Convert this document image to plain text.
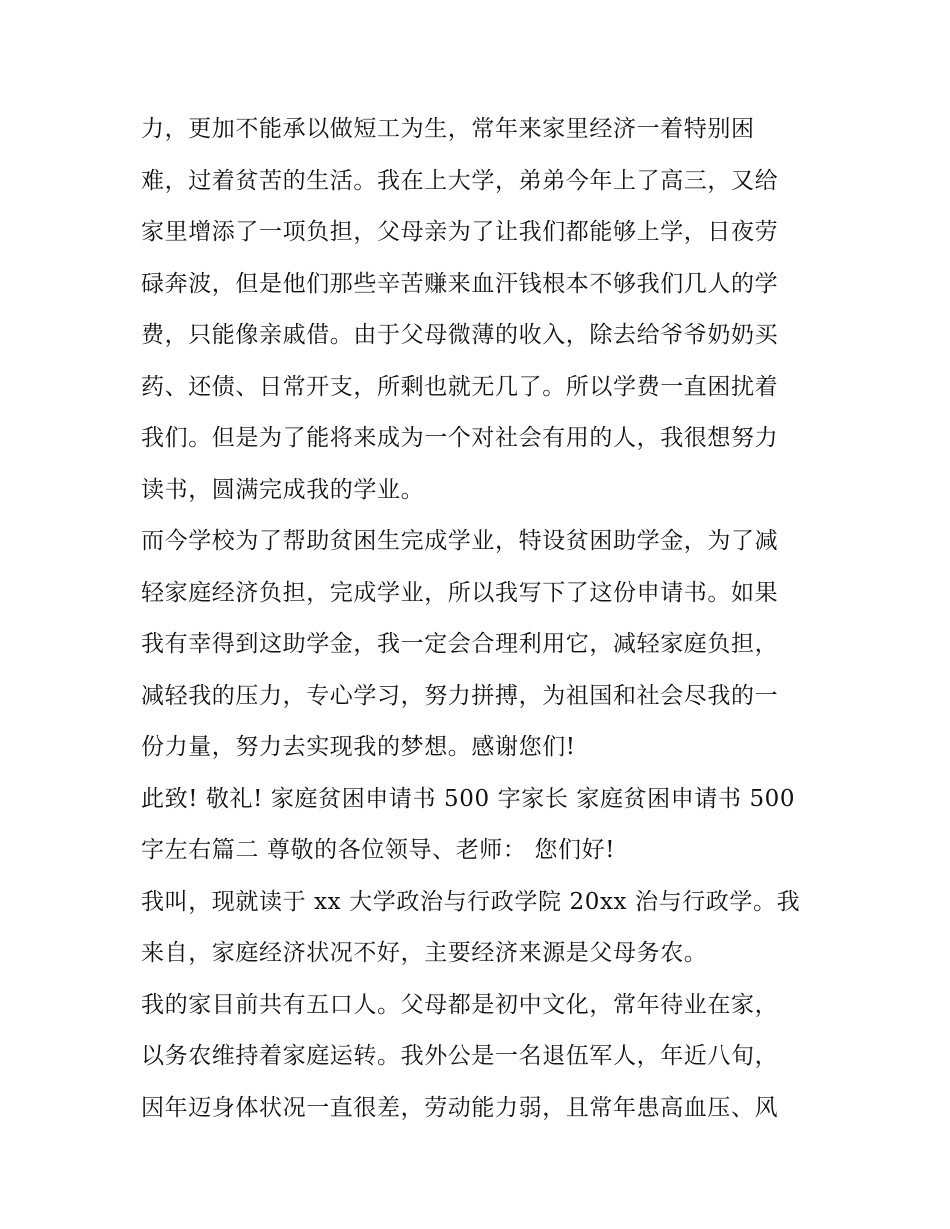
力，更加不能承以做短工为生，常年来家里经济一着特别困
难，过着贫苦的生活。我在上大学，弟弟今年上了高三，又给
家里增添了一项负担，父母亲为了让我们都能够上学，日夜劳
碌奔波，但是他们那些辛苦赚来血汗钱根本不够我们几人的学
费，只能像亲戚借。由于父母微薄的收入，除去给爷爷奶奶买
药、还债、日常开支，所剩也就无几了。所以学费一直困扰着
我们。但是为了能将来成为一个对社会有用的人，我很想努力
读书，圆满完成我的学业。
而今学校为了帮助贫困生完成学业，特设贫困助学金，为了减
轻家庭经济负担，完成学业，所以我写下了这份申请书。如果
我有幸得到这助学金，我一定会合理利用它，减轻家庭负担，
减轻我的压力，专心学习，努力拼搏，为祖国和社会尽我的一
份力量，努力去实现我的梦想。感谢您们!
此致! 敬礼! 家庭贫困申请书 500 字家长 家庭贫困申请书 500
字左右篇二 尊敬的各位领导、老师： 您们好!
我叫，现就读于 xx 大学政治与行政学院 20xx 治与行政学。我
来自，家庭经济状况不好，主要经济来源是父母务农。
我的家目前共有五口人。父母都是初中文化，常年待业在家，
以务农维持着家庭运转。我外公是一名退伍军人，年近八旬，
因年迈身体状况一直很差，劳动能力弱，且常年患高血压、风
